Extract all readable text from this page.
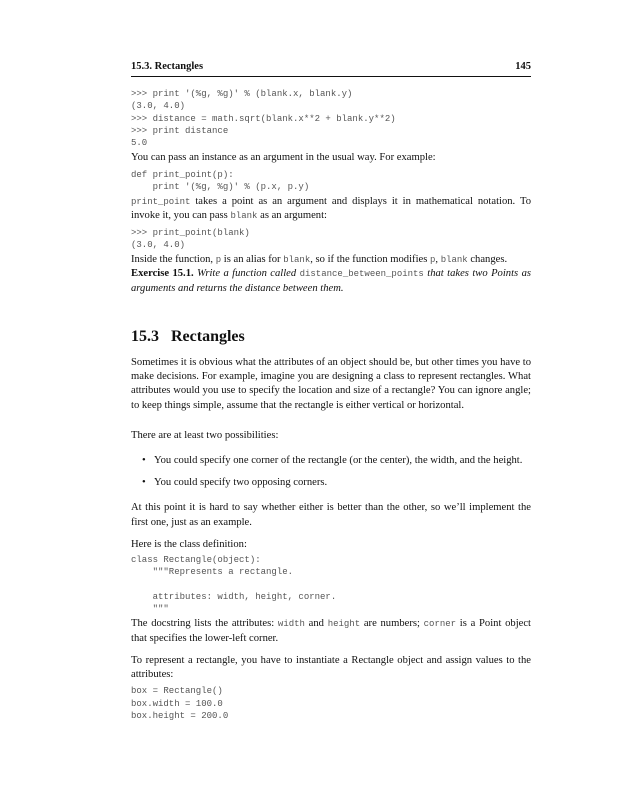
15.3. Rectangles	145
>>> print '(%g, %g)' % (blank.x, blank.y)
(3.0, 4.0)
>>> distance = math.sqrt(blank.x**2 + blank.y**2)
>>> print distance
5.0

You can pass an instance as an argument in the usual way. For example:

def print_point(p):
print '(%g, %g)' % (p.x, p.y)

print_point takes a point as an argument and displays it in mathematical notation. To invoke it, you can pass blank as an argument:

>>> print_point(blank)
(3.0, 4.0)

Inside the function, p is an alias for blank, so if the function modifies p, blank changes.

Exercise 15.1. Write a function called distance_between_points that takes two Points as arguments and returns the distance between them.

15.3 Rectangles

Sometimes it is obvious what the attributes of an object should be, but other times you have to make decisions. For example, imagine you are designing a class to represent rectangles. What attributes would you use to specify the location and size of a rectangle? You can ignore angle; to keep things simple, assume that the rectangle is either vertical or horizontal.

There are at least two possibilities:

• You could specify one corner of the rectangle (or the center), the width, and the height.
• You could specify two opposing corners.

At this point it is hard to say whether either is better than the other, so we’ll implement the first one, just as an example.

Here is the class definition:

class Rectangle(object):
"""Represents a rectangle.

attributes: width, height, corner.
"""

The docstring lists the attributes: width and height are numbers; corner is a Point object that specifies the lower-left corner.

To represent a rectangle, you have to instantiate a Rectangle object and assign values to the attributes:

box = Rectangle()
box.width = 100.0
box.height = 200.0
